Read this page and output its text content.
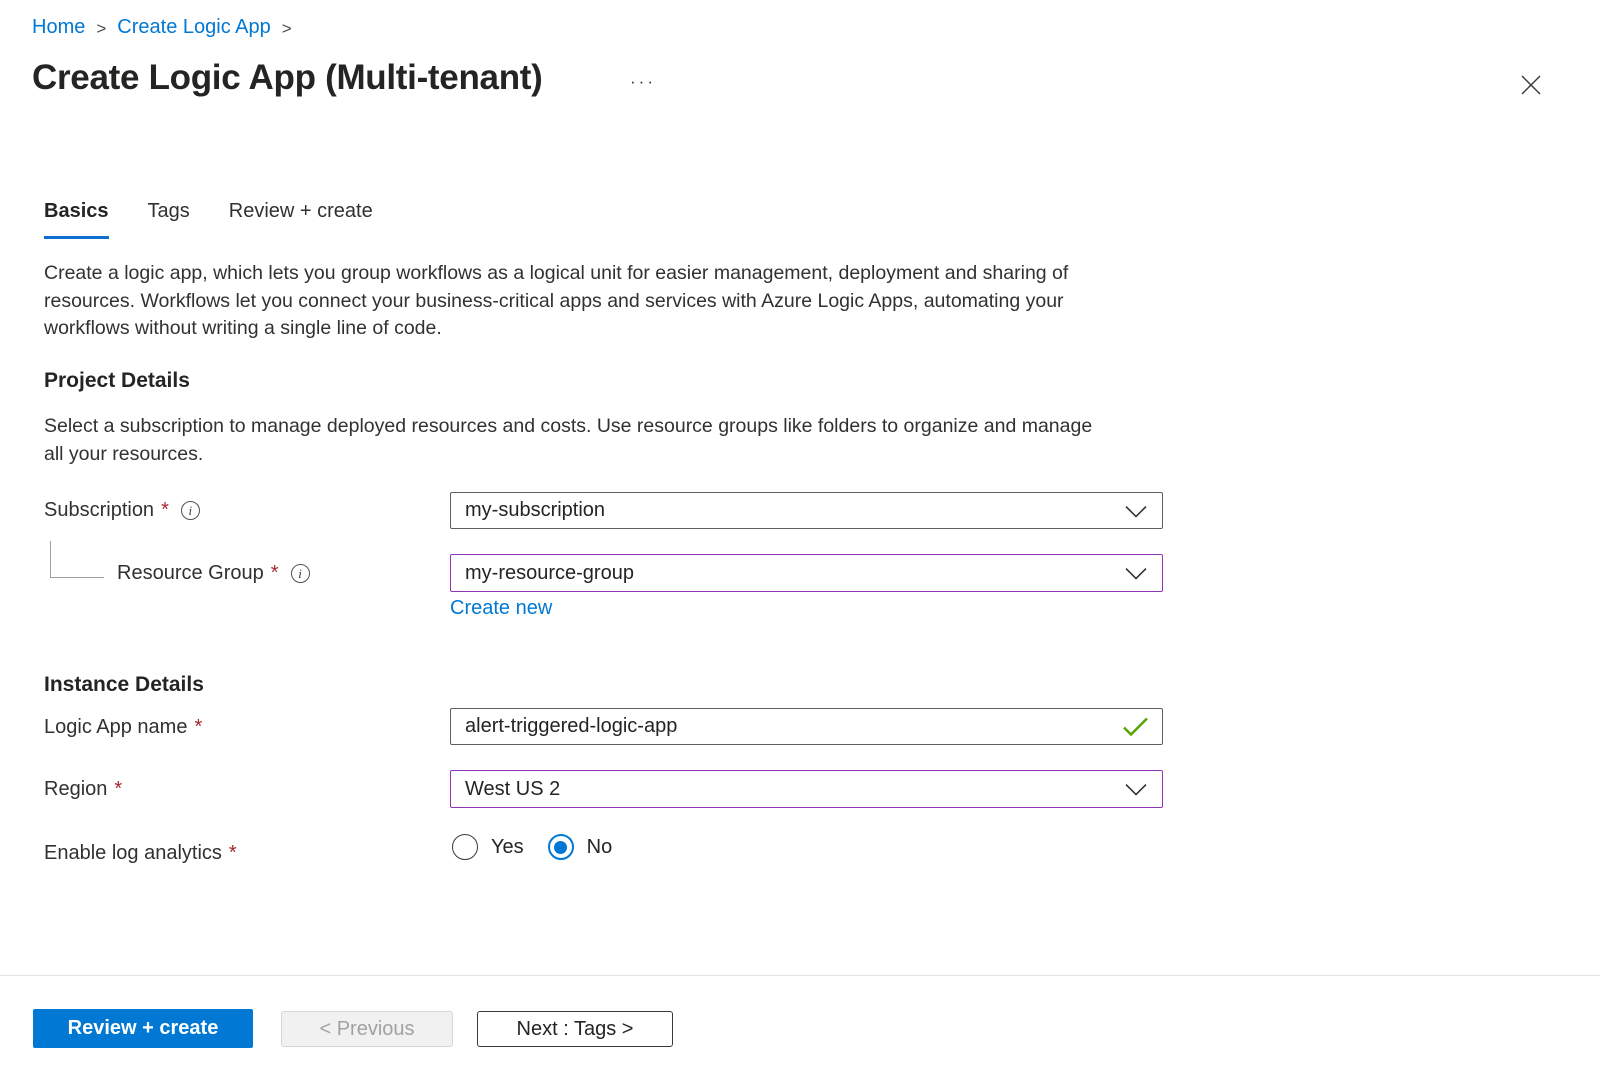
Home > Create Logic App >
Create Logic App (Multi-tenant)	···
Basics Tags Review + create
Create a logic app, which lets you group workflows as a logical unit for easier management, deployment and sharing of
resources. Workflows let you connect your business-critical apps and services with Azure Logic Apps, automating your
workflows without writing a single line of code.
Project Details
Select a subscription to manage deployed resources and costs. Use resource groups like folders to organize and manage
all your resources.
Subscription *	i	my-subscription
Resource Group *	i	my-resource-group
Create new
Instance Details
Logic App name *	alert-triggered-logic-app
Region *	West US 2
Enable log analytics *	Yes	No
Review + create	< Previous	Next : Tags >
